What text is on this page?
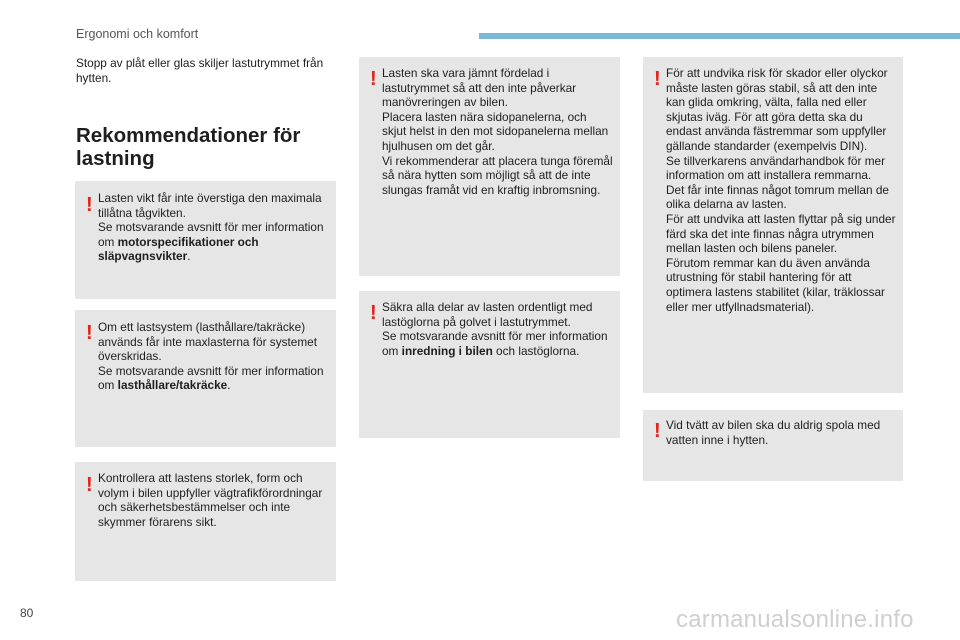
Ergonomi och komfort
Stopp av plåt eller glas skiljer lastutrymmet från hytten.
Rekommendationer för lastning
! Lasten vikt får inte överstiga den maximala tillåtna tågvikten.
Se motsvarande avsnitt för mer information om motorspecifikationer och släpvagnsvikter.
! Om ett lastsystem (lasthållare/takräcke) används får inte maxlasterna för systemet överskridas.
Se motsvarande avsnitt för mer information om lasthållare/takräcke.
! Kontrollera att lastens storlek, form och volym i bilen uppfyller vägtrafikförordningar och säkerhetsbestämmelser och inte skymmer förarens sikt.
! Lasten ska vara jämnt fördelad i lastutrymmet så att den inte påverkar manövreringen av bilen.
Placera lasten nära sidopanelerna, och skjut helst in den mot sidopanelerna mellan hjulhusen om det går.
Vi rekommenderar att placera tunga föremål så nära hytten som möjligt så att de inte slungas framåt vid en kraftig inbromsning.
! Säkra alla delar av lasten ordentligt med lastöglorna på golvet i lastutrymmet.
Se motsvarande avsnitt för mer information om inredning i bilen och lastöglorna.
! För att undvika risk för skador eller olyckor måste lasten göras stabil, så att den inte kan glida omkring, välta, falla ned eller skjutas iväg. För att göra detta ska du endast använda fästremmar som uppfyller gällande standarder (exempelvis DIN).
Se tillverkarens användarhandbok för mer information om att installera remmarna.
Det får inte finnas något tomrum mellan de olika delarna av lasten.
För att undvika att lasten flyttar på sig under färd ska det inte finnas några utrymmen mellan lasten och bilens paneler.
Förutom remmar kan du även använda utrustning för stabil hantering för att optimera lastens stabilitet (kilar, träklossar eller mer utfyllnadsmaterial).
! Vid tvätt av bilen ska du aldrig spola med vatten inne i hytten.
80	carmanualsonline.info
